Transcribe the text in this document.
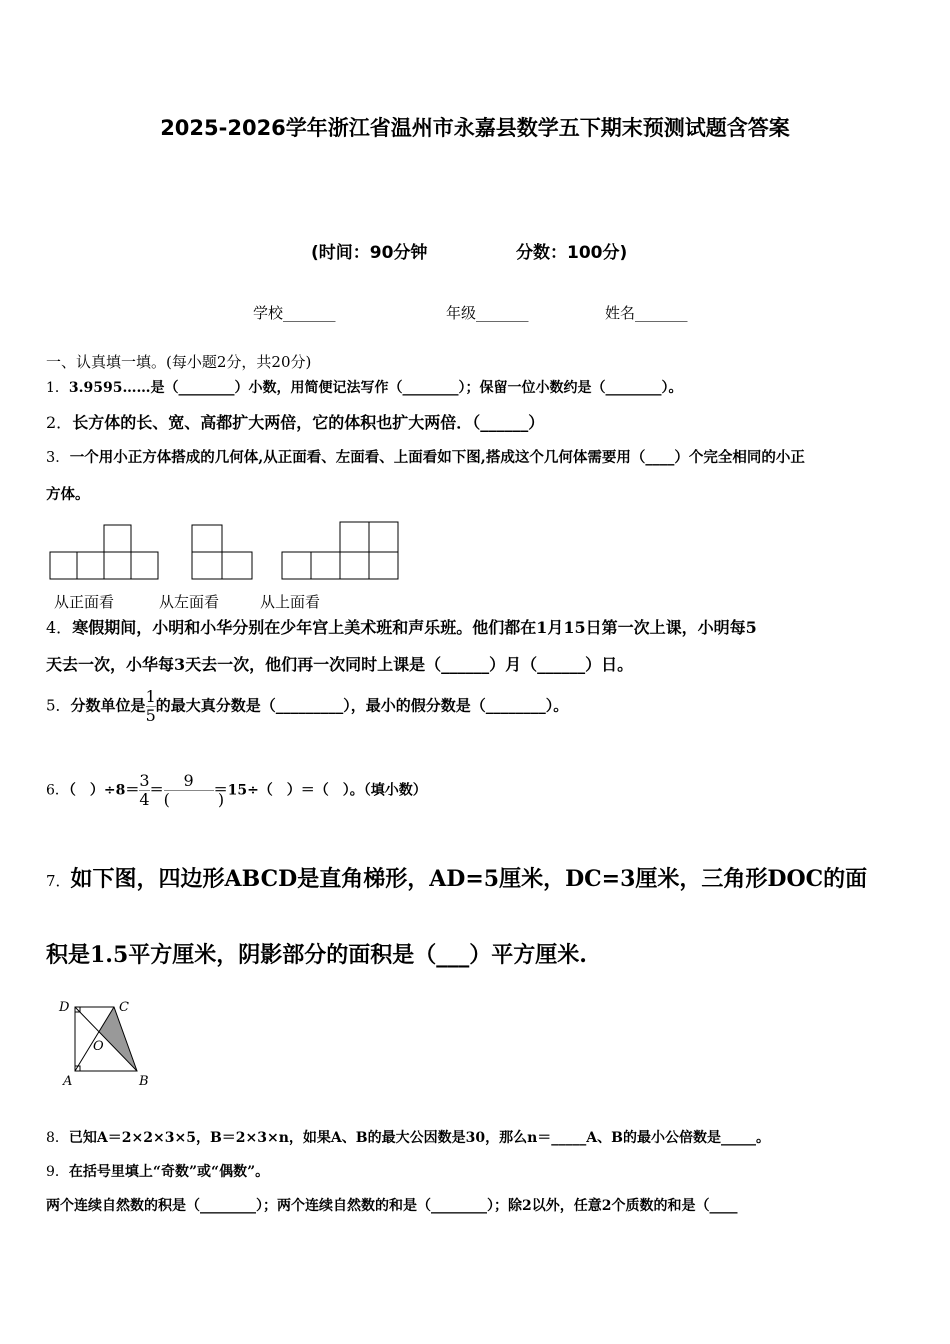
2025-2026学年浙江省温州市永嘉县数学五下期末预测试题含答案
(时间：90分钟	分数：100分)
学校_______	年级_______	姓名_______
一、认真填一填。(每小题2分，共20分)
1．3.9595……是（________）小数，用简便记法写作（________）；保留一位小数约是（________）。
2．长方体的长、宽、高都扩大两倍，它的体积也扩大两倍．（______）
3．一个用小正方体搭成的几何体,从正面看、左面看、上面看如下图,搭成这个几何体需要用（____）个完全相同的小正
方体。
从正面看	从左面看	从上面看
4．寒假期间，小明和小华分别在少年宫上美术班和声乐班。他们都在1月15日第一次上课，小明每5
天去一次，小华每3天去一次，他们再一次同时上课是（______）月（______）日。
5．分数单位是 $\frac{1}{5}$ 的最大真分数是（_________），最小的假分数是（________）。
6．（　）$\div 8= \frac{3}{4} = \frac{9}{( )} =15\div$（　）＝（　）。（填小数）
7．如下图，四边形ABCD是直角梯形，AD=5厘米，DC=3厘米，三角形DOC的面
积是1.5平方厘米，阴影部分的面积是（___）平方厘米.
D	C
O
A	B
8．已知A＝2×2×3×5，B＝2×3×n，如果A、B的最大公因数是30，那么n＝_____A、B的最小公倍数是_____。
9．在括号里填上“奇数”或“偶数”。
两个连续自然数的积是（________）；两个连续自然数的和是（________）；除2以外，任意2个质数的和是（____
